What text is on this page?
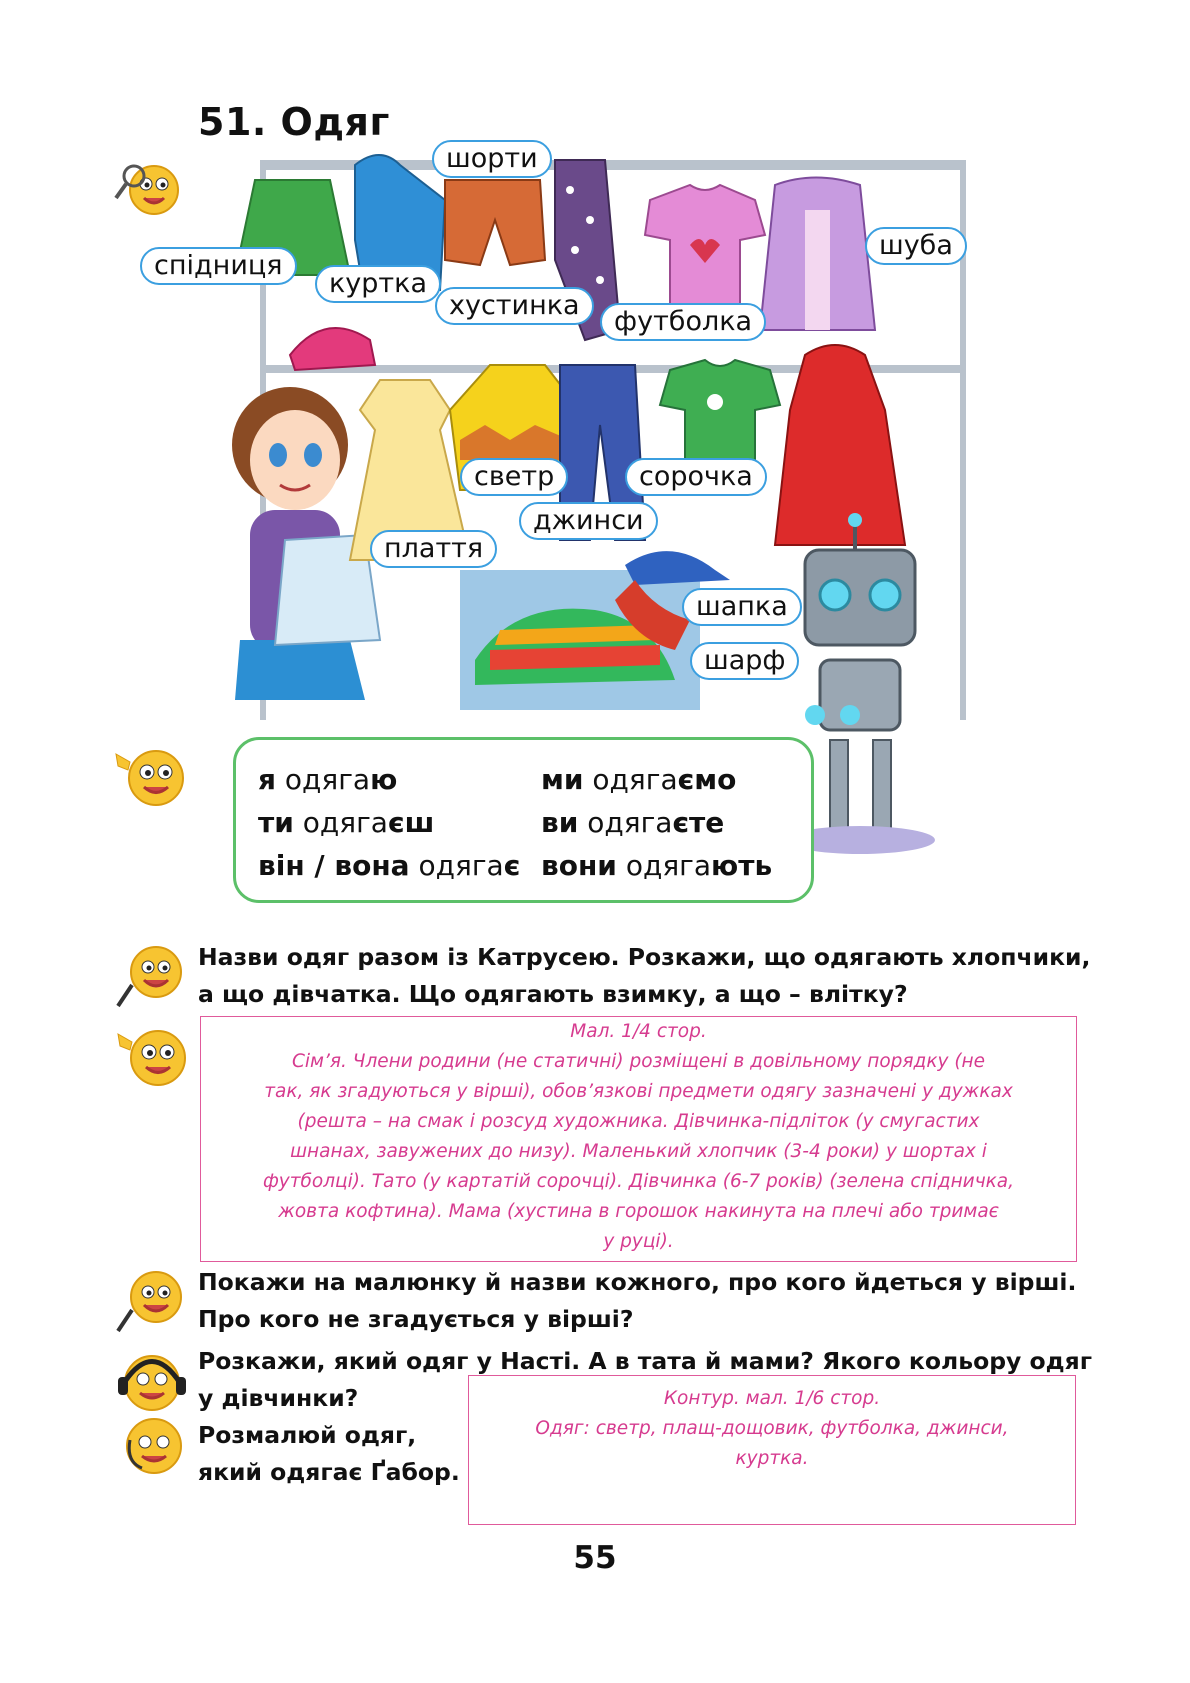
51. Одяг
шорти
спідниця
куртка
хустинка
футболка
шуба
светр	сорочка
джинси
плаття
шапка
шарф
я одягаю
ти одягаєш
він / вона одягає
ми одягаємо
ви одягаєте
вони одягають
Назви одяг разом із Катрусею. Розкажи, що одягають хлопчики,
а що дівчатка. Що одягають взимку, а що – влітку?
Мал. 1/4 стор.
Сім’я. Члени родини (не статичні) розміщені в довільному порядку (не
так, як згадуються у вірші), обов’язкові предмети одягу зазначені у дужках
(решта – на смак і розсуд художника. Дівчинка-підліток (у смугастих
шнанах, завужених до низу). Маленький хлопчик (3-4 роки) у шортах і
футболці). Тато (у картатій сорочці). Дівчинка (6-7 років) (зелена спідничка,
жовта кофтина). Мама (хустина в горошок накинута на плечі або тримає
у руці).
Покажи на малюнку й назви кожного, про кого йдеться у вірші.
Про кого не згадується у вірші?
Розкажи, який одяг у Насті. А в тата й мами? Якого кольору одяг
у дівчинки?
Розмалюй одяг,
який одягає Ґабор.
Контур. мал. 1/6 стор.
Одяг: светр, плащ-дощовик, футболка, джинси,
куртка.
55
